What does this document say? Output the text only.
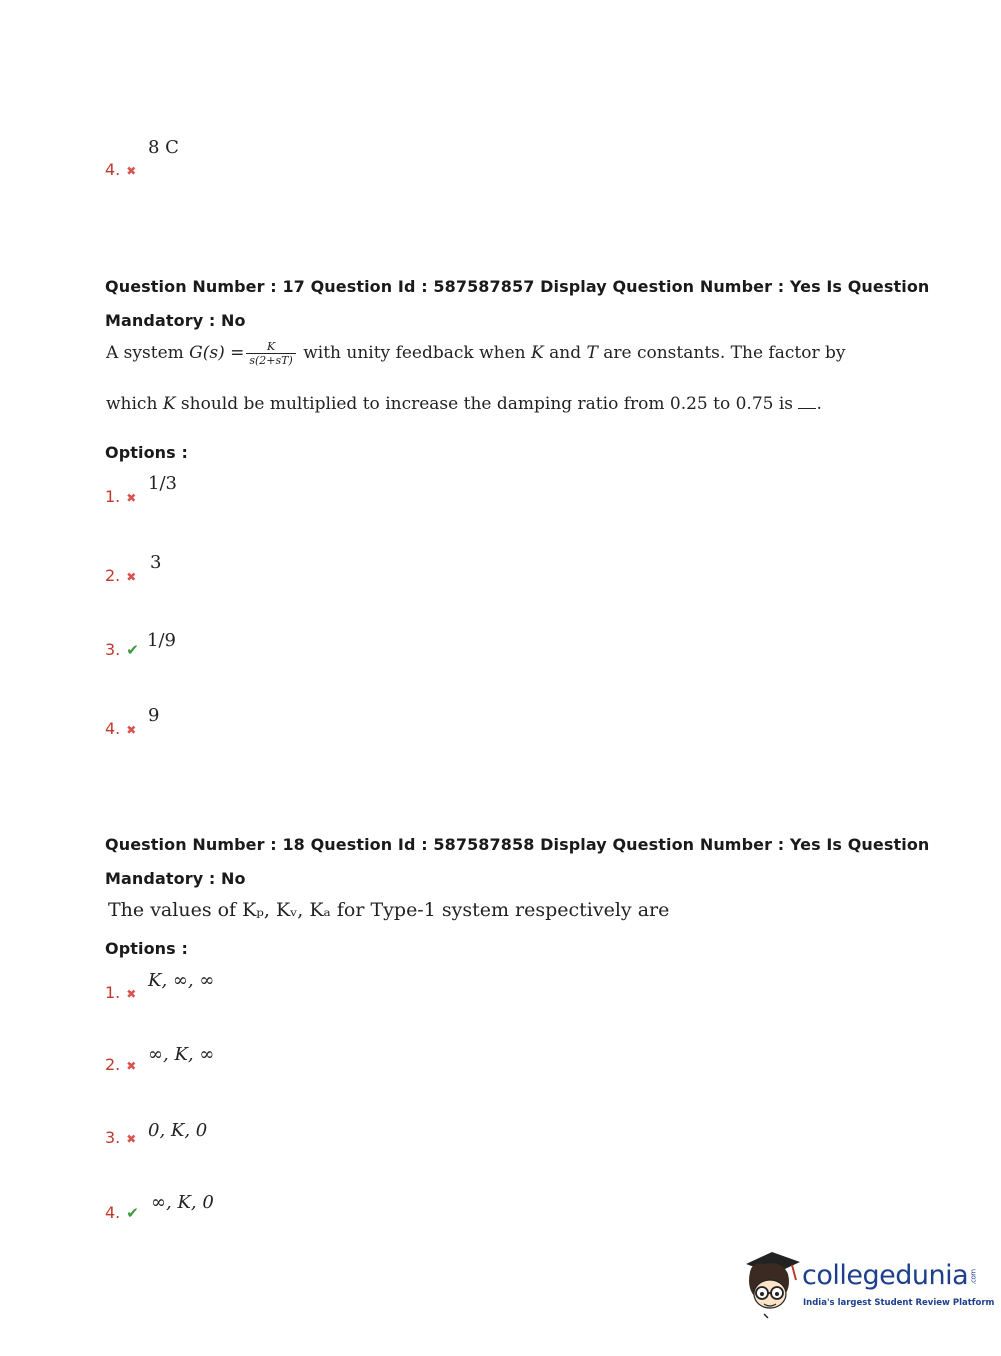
4. ✖
8 C
Question Number : 17 Question Id : 587587857 Display Question Number : Yes Is Question
Mandatory : No
A system $G(s) = \frac{K}{s(2+sT)}$ with unity feedback when K and T are constants. The factor by
which K should be multiplied to increase the damping ratio from 0.25 to 0.75 is .
Options :
1. ✖
1/3
2. ✖
3
3. ✔ 1/9
4. ✖
9
Question Number : 18 Question Id : 587587858 Display Question Number : Yes Is Question
Mandatory : No
The values of Kₚ, Kᵥ, Kₐ for Type-1 system respectively are
Options :
1. ✖
K, ∞, ∞
2. ✖
∞, K, ∞
3. ✖ 0, K, 0
4. ✔ ∞, K, 0
collegedunia .com
India's largest Student Review Platform
